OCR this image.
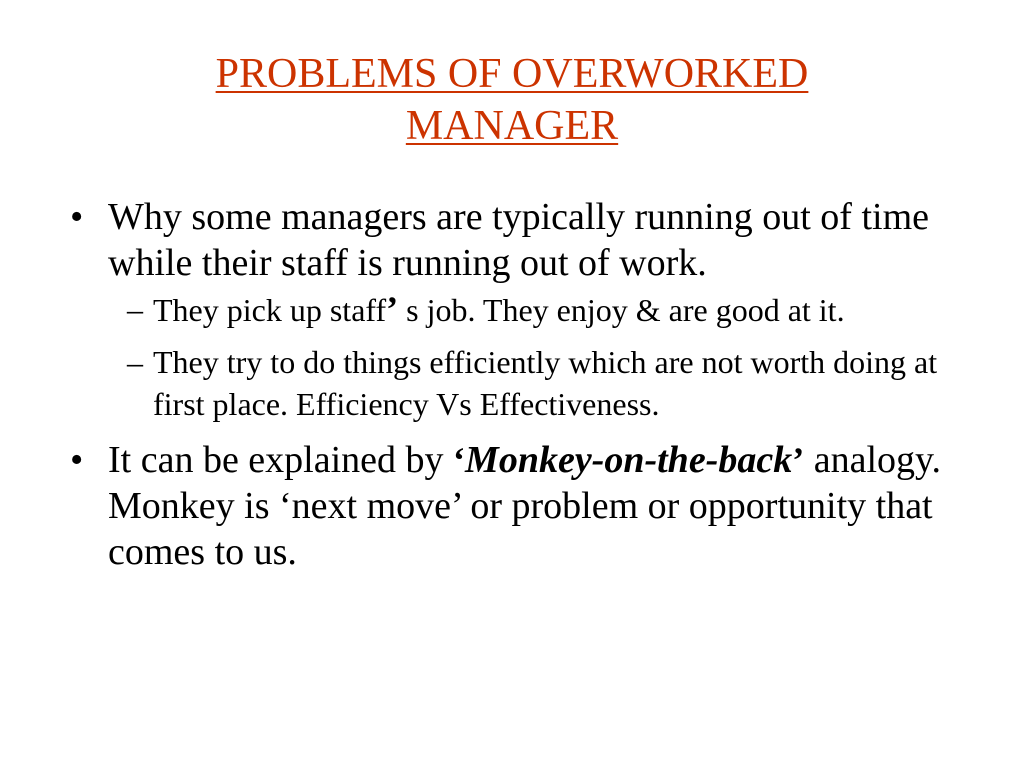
PROBLEMS OF OVERWORKED
MANAGER
• Why some managers are typically running out of time while their staff is running out of work.
– They pick up staff’ s job. They enjoy & are good at it.
– They try to do things efficiently which are not worth doing at first place. Efficiency Vs Effectiveness.
• It can be explained by ‘Monkey-on-the-back’ analogy. Monkey is ‘next move’ or problem or opportunity that comes to us.
